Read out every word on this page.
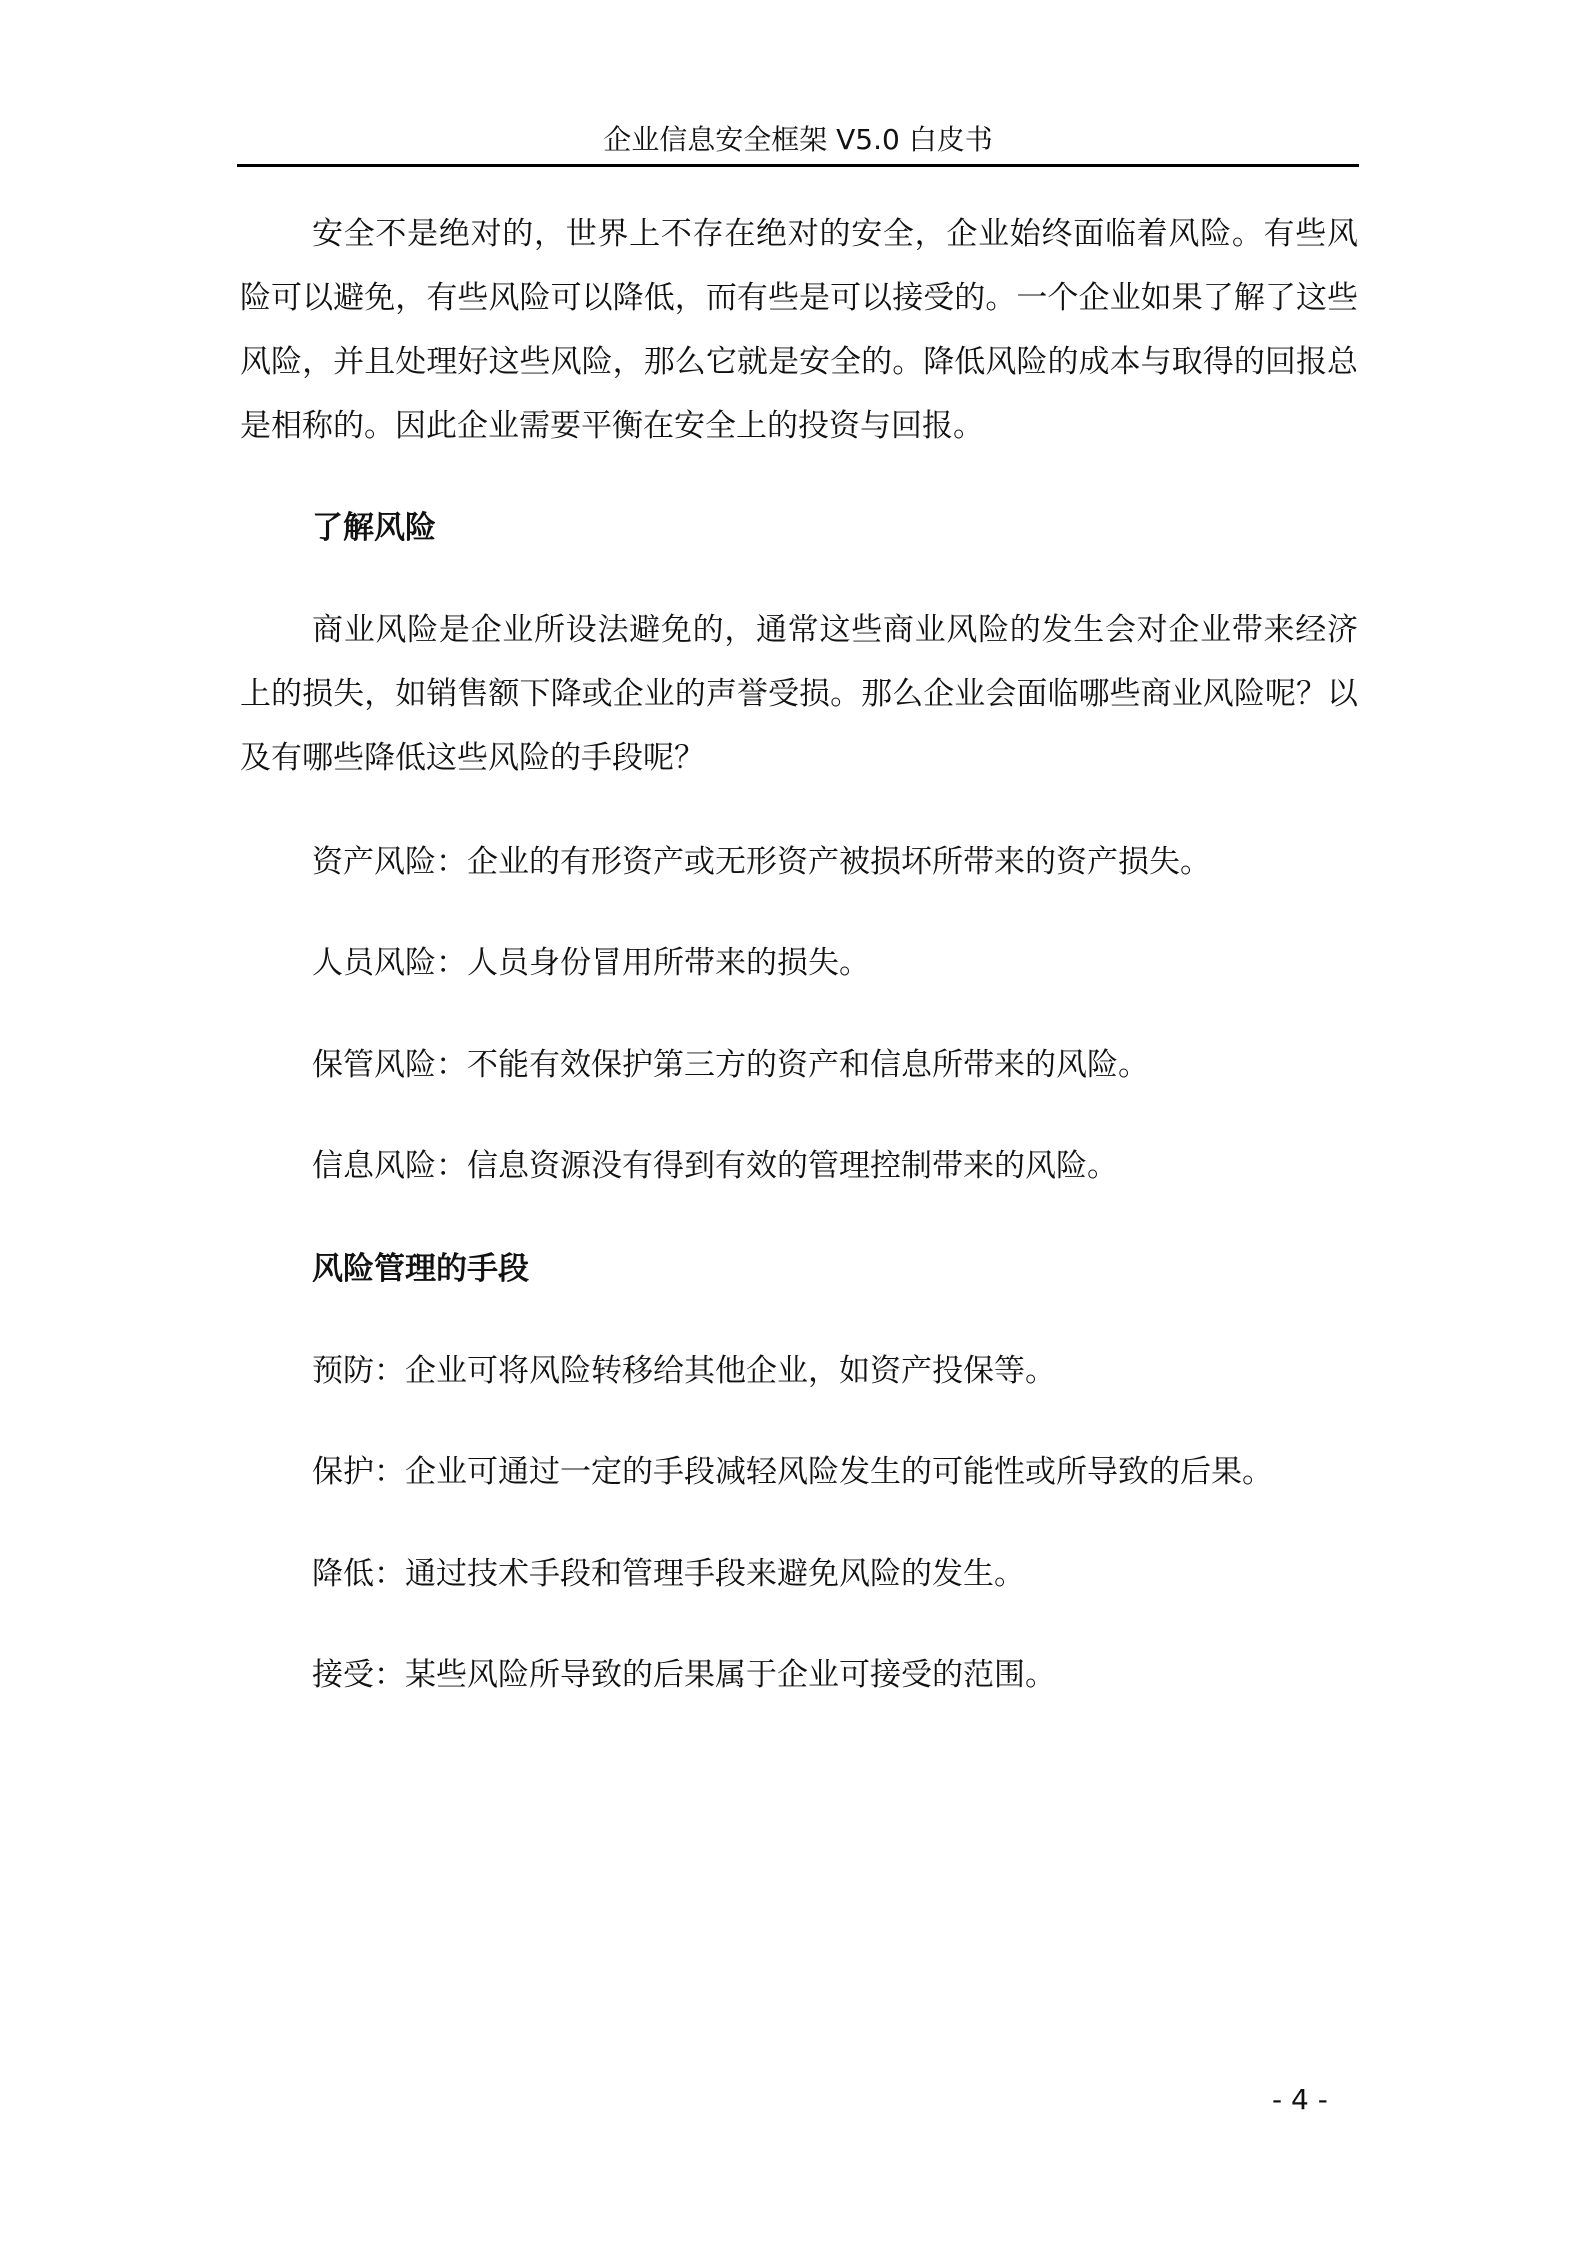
企业信息安全框架 V5.0 白皮书

安全不是绝对的，世界上不存在绝对的安全，企业始终面临着风险。有些风险可以避免，有些风险可以降低，而有些是可以接受的。一个企业如果了解了这些风险，并且处理好这些风险，那么它就是安全的。降低风险的成本与取得的回报总是相称的。因此企业需要平衡在安全上的投资与回报。

了解风险

商业风险是企业所设法避免的，通常这些商业风险的发生会对企业带来经济上的损失，如销售额下降或企业的声誉受损。那么企业会面临哪些商业风险呢？以及有哪些降低这些风险的手段呢？

资产风险：企业的有形资产或无形资产被损坏所带来的资产损失。
人员风险：人员身份冒用所带来的损失。
保管风险：不能有效保护第三方的资产和信息所带来的风险。
信息风险：信息资源没有得到有效的管理控制带来的风险。
风险管理的手段
预防：企业可将风险转移给其他企业，如资产投保等。
保护：企业可通过一定的手段减轻风险发生的可能性或所导致的后果。
降低：通过技术手段和管理手段来避免风险的发生。
接受：某些风险所导致的后果属于企业可接受的范围。
- 4 -
